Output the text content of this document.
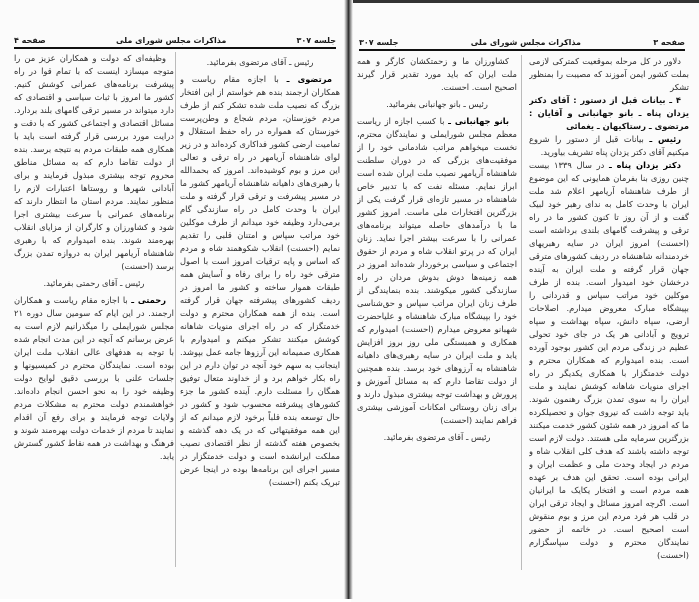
جلسه ۳۰۷
مذاکرات مجلس شورای ملی
صفحه ۴

رئیس ـ آقای مرتضوی بفرمائید.

مرتضوی ـ با اجازه مقام ریاست و همکاران ارجمند بنده هم خواستم از این افتخار بزرگ که نصیب ملت شده تشکر کنم از طرف مردم خوزستان، مردم شجاع و وطن‌پرست خوزستان که همواره در راه حفظ استقلال و تمامیت ارضی کشور فداکاری کرده‌اند و در زیر لوای شاهنشاه آریامهر در راه ترقی و تعالی این مرز و بوم کوشیده‌اند. امروز که بحمدالله با رهبری‌های داهیانه شاهنشاه آریامهر کشور ما در مسیر پیشرفت و ترقی قرار گرفته و ملت ایران با وحدت کامل در راه سازندگی گام برمی‌دارد وظیفه خود میدانم از طرف موکلین خود مراتب سپاس و امتنان قلبی را تقدیم نمایم (احسنت) انقلاب شکوهمند شاه و مردم که اساس و پایه ترقیات امروز است با اصول مترقی خود راه را برای رفاه و آسایش همه طبقات هموار ساخته و کشور ما امروز در ردیف کشورهای پیشرفته جهان قرار گرفته است. بنده از همه همکاران محترم و دولت خدمتگزار که در راه اجرای منویات شاهانه کوشش میکنند تشکر میکنم و امیدوارم با همکاری صمیمانه این آرزوها جامه عمل بپوشد. اینجانب به سهم خود آنچه در توان دارم در این راه بکار خواهم برد و از خداوند متعال توفیق همگان را مسئلت دارم. آینده کشور ما جزء کشورهای پیشرفته محسوب شود و کشور در حال توسعه بنده قلباً برخود لازم میدانم که از این همه موفقیتهائی که در یک دهه گذشته و بخصوص هفته گذشته از نظر اقتصادی نصیب مملکت ایرانشده است و دولت خدمتگزار در مسیر اجرای این برنامه‌ها بوده در اینجا عرض تبریک بکنم (احسنت)

وظیفه‌ای که دولت و همکاران عزیز من را متوجه میسازد اینست که با تمام قوا در راه پیشرفت برنامه‌های عمرانی کوشش کنیم. کشور ما امروز با ثبات سیاسی و اقتصادی که دارد میتواند در مسیر ترقی گامهای بلند بردارد. مسائل اقتصادی و اجتماعی کشور که با دقت و درایت مورد بررسی قرار گرفته است باید با همکاری همه طبقات مردم به نتیجه برسد. بنده از دولت تقاضا دارم که به مسائل مناطق محروم توجه بیشتری مبذول فرمایند و برای آبادانی شهرها و روستاها اعتبارات لازم را منظور نمایند. مردم استان ما انتظار دارند که برنامه‌های عمرانی با سرعت بیشتری اجرا شود و کشاورزان و کارگران از مزایای انقلاب بهره‌مند شوند. بنده امیدوارم که با رهبری شاهنشاه آریامهر ایران به دروازه تمدن بزرگ برسد (احسنت)

رئیس ـ آقای رحمتی بفرمائید.

رحمتی ـ با اجازه مقام ریاست و همکاران ارجمند. در این ایام که سومین سال دوره ۲۱ مجلس شورایملی را میگذرانیم لازم است به عرض برسانم که آنچه در این مدت انجام شده با توجه به هدفهای عالی انقلاب ملت ایران بوده است. نمایندگان محترم در کمیسیونها و جلسات علنی با بررسی دقیق لوایح دولت وظیفه خود را به نحو احسن انجام داده‌اند. خواهشمندم دولت محترم به مشکلات مردم ولایات توجه فرمایند و برای رفع آن اقدام نمایند تا مردم از خدمات دولت بهره‌مند شوند و فرهنگ و بهداشت در همه نقاط کشور گسترش یابد.

صفحه ۳
مذاکرات مجلس شورای ملی
جلسه ۳۰۷

دلاور در کل مرحله بموقعیت کمترکی لازمی بملت کشور ایمن آموزند که مصیبت را بمنظور تشکر

۴ ـ بیانات قبل از دستور : آقای دکتر یزدان پناه ـ بانو جهانبانی و آقایان : مرتضوی ـ رستاکیهان ـ یغمائی

رئیس ـ بیانات قبل از دستور را شروع میکنیم آقای دکتر یزدان پناه تشریف بیاورید.

دکتر یزدان پناه ـ در سال ۱۳۳۹ بیست چنین روزی بنا بفرمان همایونی که این موضوع از طرف شاهنشاه آریامهر اعلام شد ملت ایران با وحدت کامل به ندای رهبر خود لبیک گفت و از آن روز تا کنون کشور ما در راه ترقی و پیشرفت گامهای بلندی برداشته است (احسنت) امروز ایران در سایه رهبریهای خردمندانه شاهنشاه در ردیف کشورهای مترقی جهان قرار گرفته و ملت ایران به آینده درخشان خود امیدوار است. بنده از طرف موکلین خود مراتب سپاس و قدردانی را بپیشگاه مبارک معروض میدارم. اصلاحات ارضی، سپاه دانش، سپاه بهداشت و سپاه ترویج و آبادانی هر یک در جای خود تحولی عظیم در زندگی مردم این کشور بوجود آورده است. بنده امیدوارم که همکاران محترم و دولت خدمتگزار با همکاری یکدیگر در راه اجرای منویات شاهانه کوشش نمایند و ملت ایران را به سوی تمدن بزرگ رهنمون شوند. باید توجه داشت که نیروی جوان و تحصیلکرده ما که امروز در همه شئون کشور خدمت میکنند بزرگترین سرمایه ملی هستند. دولت لازم است توجه داشته باشند که هدف کلی انقلاب شاه و مردم در ایجاد وحدت ملی و عظمت ایران و ایرانی بوده است. تحقق این هدف بر عهده همه مردم است و افتخار یکایک ما ایرانیان است. اگرچه امروز مسائل و ایجاد ترقی ایران در قلب هر فرد مردم این مرز و بوم منقوش است اصحیح است. در خاتمه از حضور نمایندگان محترم و دولت سپاسگزارم (احسنت)

کشاورزان ما و زحمتکشان کارگر و همه ملت ایران که باید مورد تقدیر قرار گیرند اصحیح است. احسنت.

رئیس ـ بانو جهانبانی بفرمائید.

بانو جهانبانی ـ با کسب اجازه از ریاست معظم مجلس شورایملی و نمایندگان محترم، نخست میخواهم مراتب شادمانی خود را از موفقیت‌های بزرگی که در دوران سلطنت شاهنشاه آریامهر نصیب ملت ایران شده است ابراز نمایم. مسئله نفت که با تدبیر خاص شاهنشاه در مسیر تازه‌ای قرار گرفت یکی از بزرگترین افتخارات ملی ماست. امروز کشور ما با درآمدهای حاصله میتواند برنامه‌های عمرانی را با سرعت بیشتر اجرا نماید. زنان ایران که در پرتو انقلاب شاه و مردم از حقوق اجتماعی و سیاسی برخوردار شده‌اند امروز در همه زمینه‌ها دوش بدوش مردان در راه سازندگی کشور میکوشند. بنده بنمایندگی از طرف زنان ایران مراتب سپاس و حق‌شناسی خود را بپیشگاه مبارک شاهنشاه و علیاحضرت شهبانو معروض میدارم (احسنت) امیدوارم که همکاری و همبستگی ملی روز بروز افزایش یابد و ملت ایران در سایه رهبری‌های داهیانه شاهنشاه به آرزوهای خود برسد. بنده همچنین از دولت تقاضا دارم که به مسائل آموزش و پرورش و بهداشت توجه بیشتری مبذول دارند و برای زنان روستائی امکانات آموزشی بیشتری فراهم نمایند (احسنت)

رئیس ـ آقای مرتضوی بفرمائید.
